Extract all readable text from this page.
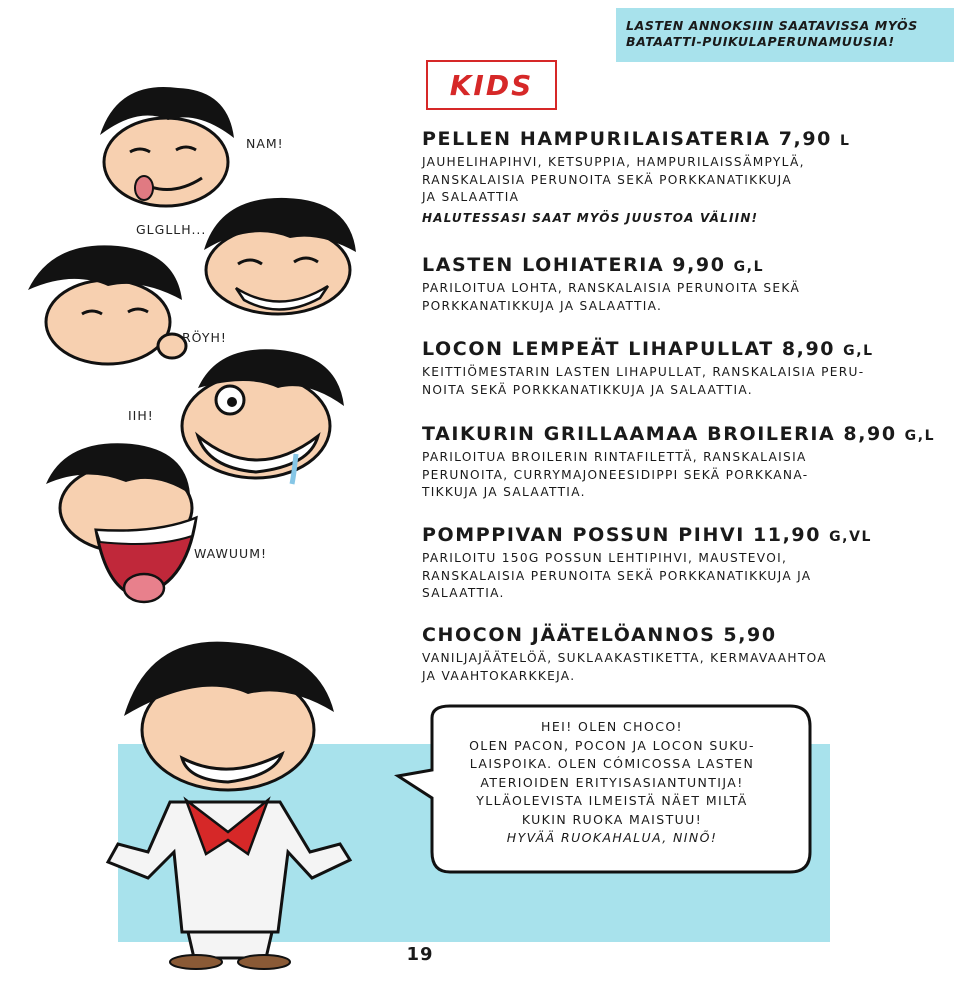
LASTEN ANNOKSIIN SAATAVISSA MYÖS
BATAATTI-PUIKULAPERUNAMUUSIA!
KIDS
PELLEN HAMPURILAISATERIA 7,90 L
JAUHELIHAPIHVI, KETSUPPIA, HAMPURILAISSÄMPYLÄ,
RANSKALAISIA PERUNOITA SEKÄ PORKKANATIKKUJA
JA SALAATTIA
HALUTESSASI SAAT MYÖS JUUSTOA VÄLIIN!
LASTEN LOHIATERIA 9,90 G,L
PARILOITUA LOHTA, RANSKALAISIA PERUNOITA SEKÄ
PORKKANATIKKUJA JA SALAATTIA.
LOCON LEMPEÄT LIHAPULLAT 8,90 G,L
KEITTIÖMESTARIN LASTEN LIHAPULLAT, RANSKALAISIA PERU-
NOITA SEKÄ PORKKANATIKKUJA JA SALAATTIA.
TAIKURIN GRILLAAMAA BROILERIA 8,90 G,L
PARILOITUA BROILERIN RINTAFILETTÄ, RANSKALAISIA
PERUNOITA, CURRYMAJONEESIDIPPI SEKÄ PORKKANA-
TIKKUJA JA SALAATTIA.
POMPPIVAN POSSUN PIHVI 11,90 G,VL
PARILOITU 150G POSSUN LEHTIPIHVI, MAUSTEVOI,
RANSKALAISIA PERUNOITA SEKÄ PORKKANATIKKUJA JA
SALAATTIA.
CHOCON JÄÄTELÖANNOS 5,90
VANILJAJÄÄTELÖÄ, SUKLAAKASTIKETTA, KERMAVAAHTOA
JA VAAHTOKARKKEJA.
NAM!
GLGLLH...
RÖYH!
IIH!
WAWUUM!
HEI! OLEN CHOCO!
OLEN PACON, POCON JA LOCON SUKU-
LAISPOIKA. OLEN CÓMICOSSA LASTEN
ATERIOIDEN ERITYISASIANTUNTIJA!
YLLÄOLEVISTA ILMEISTÄ NÄET MILTÄ
KUKIN RUOKA MAISTUU!
HYVÄÄ RUOKAHALUA, NINÕ!
19
